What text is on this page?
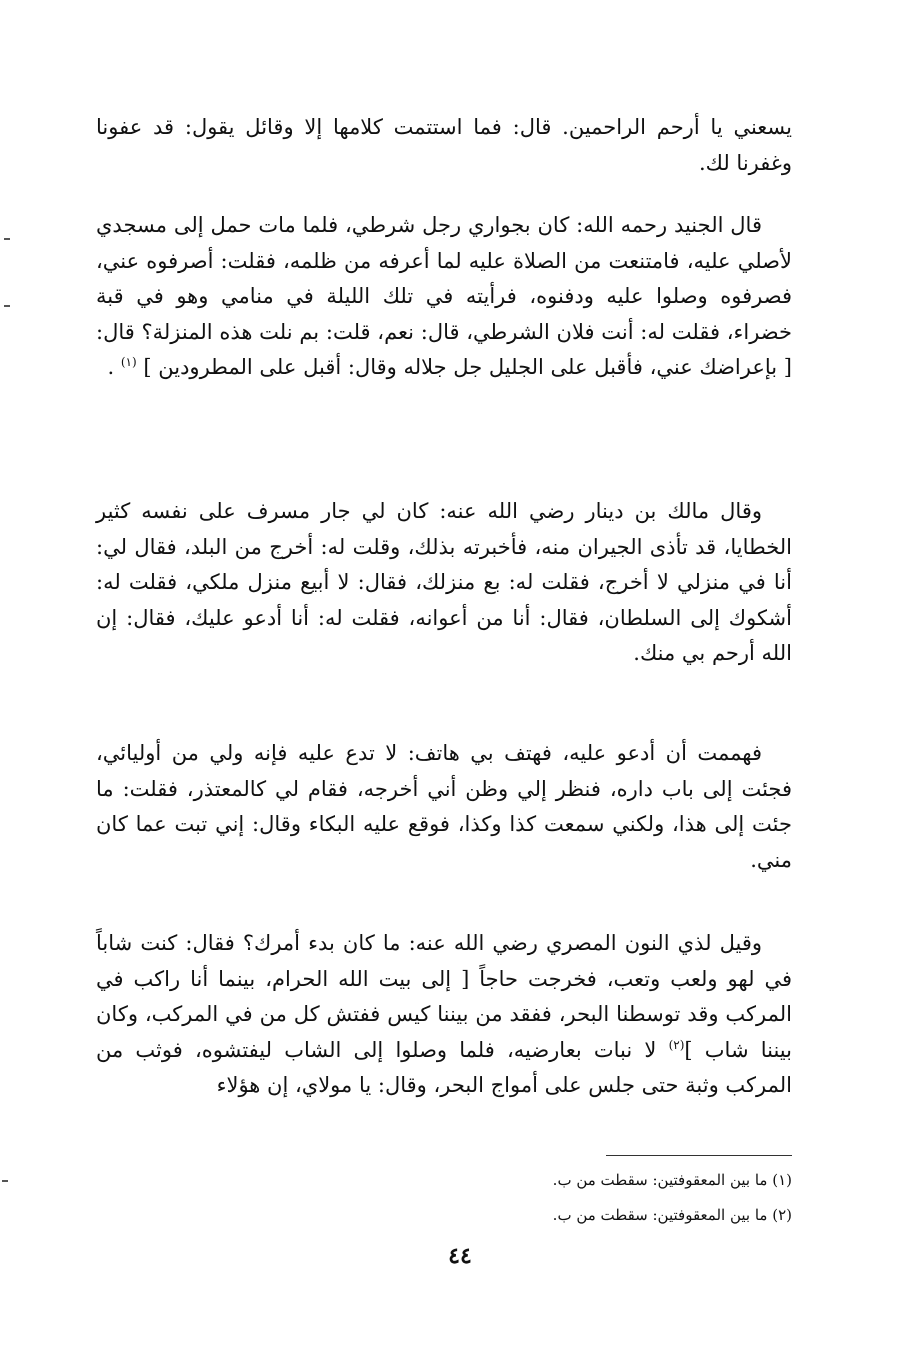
يسعني يا أرحم الراحمين. قال: فما استتمت كلامها إلا وقائل يقول: قد عفونا وغفرنا لك.

قال الجنيد رحمه الله: كان بجواري رجل شرطي، فلما مات حمل إلى مسجدي لأصلي عليه، فامتنعت من الصلاة عليه لما أعرفه من ظلمه، فقلت: أصرفوه عني، فصرفوه وصلوا عليه ودفنوه، فرأيته في تلك الليلة في منامي وهو في قبة خضراء، فقلت له: أنت فلان الشرطي، قال: نعم، قلت: بم نلت هذه المنزلة؟ قال: [ بإعراضك عني، فأقبل على الجليل جل جلاله وقال: أقبل على المطرودين ] $^{(١)}$ .

وقال مالك بن دينار رضي الله عنه: كان لي جار مسرف على نفسه كثير الخطايا، قد تأذى الجيران منه، فأخبرته بذلك، وقلت له: أخرج من البلد، فقال لي: أنا في منزلي لا أخرج، فقلت له: بع منزلك، فقال: لا أبيع منزل ملكي، فقلت له: أشكوك إلى السلطان، فقال: أنا من أعوانه، فقلت له: أنا أدعو عليك، فقال: إن الله أرحم بي منك.

فهممت أن أدعو عليه، فهتف بي هاتف: لا تدع عليه فإنه ولي من أوليائي، فجئت إلى باب داره، فنظر إلي وظن أني أخرجه، فقام لي كالمعتذر، فقلت: ما جئت إلى هذا، ولكني سمعت كذا وكذا، فوقع عليه البكاء وقال: إني تبت عما كان مني.

وقيل لذي النون المصري رضي الله عنه: ما كان بدء أمرك؟ فقال: كنت شاباً في لهو ولعب وتعب، فخرجت حاجاً [ إلى بيت الله الحرام، بينما أنا راكب في المركب وقد توسطنا البحر، ففقد من بيننا كيس ففتش كل من في المركب، وكان بيننا شاب ]$^{(٢)}$ لا نبات بعارضيه، فلما وصلوا إلى الشاب ليفتشوه، فوثب من المركب وثبة حتى جلس على أمواج البحر، وقال: يا مولاي، إن هؤلاء

(١) ما بين المعقوفتين: سقطت من ب.
(٢) ما بين المعقوفتين: سقطت من ب.
٤٤
